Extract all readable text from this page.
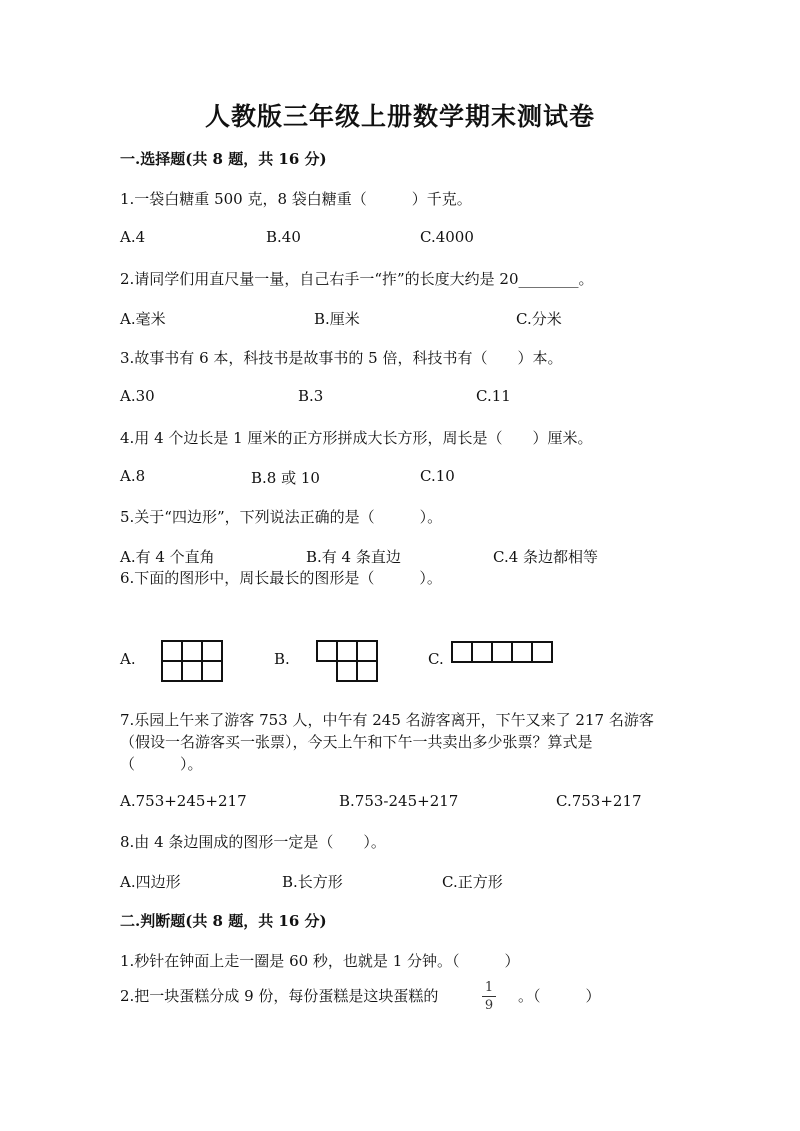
人教版三年级上册数学期末测试卷
一.选择题(共 8 题，共 16 分)
1.一袋白糖重 500 克，8 袋白糖重（　　　）千克。
A.4	B.40	C.4000
2.请同学们用直尺量一量，自己右手一“拃”的长度大约是 20________。
A.毫米	B.厘米	C.分米
3.故事书有 6 本，科技书是故事书的 5 倍，科技书有（　　）本。
A.30	B.3	C.11
4.用 4 个边长是 1 厘米的正方形拼成大长方形，周长是（　　）厘米。
A.8	B.8 或 10	C.10
5.关于“四边形”，下列说法正确的是（　　　）。
A.有 4 个直角	B.有 4 条直边	C.4 条边都相等
6.下面的图形中，周长最长的图形是（　　　）。
A.	B.	C.
7.乐园上午来了游客 753 人，中午有 245 名游客离开，下午又来了 217 名游客
（假设一名游客买一张票），今天上午和下午一共卖出多少张票？算式是
（　　　）。
A.753+245+217	B.753-245+217	C.753+217
8.由 4 条边围成的图形一定是（　　）。
A.四边形	B.长方形	C.正方形
二.判断题(共 8 题，共 16 分)
1.秒针在钟面上走一圈是 60 秒，也就是 1 分钟。（　　　）
2.把一块蛋糕分成 9 份，每份蛋糕是这块蛋糕的	1
9
。（　　　）
